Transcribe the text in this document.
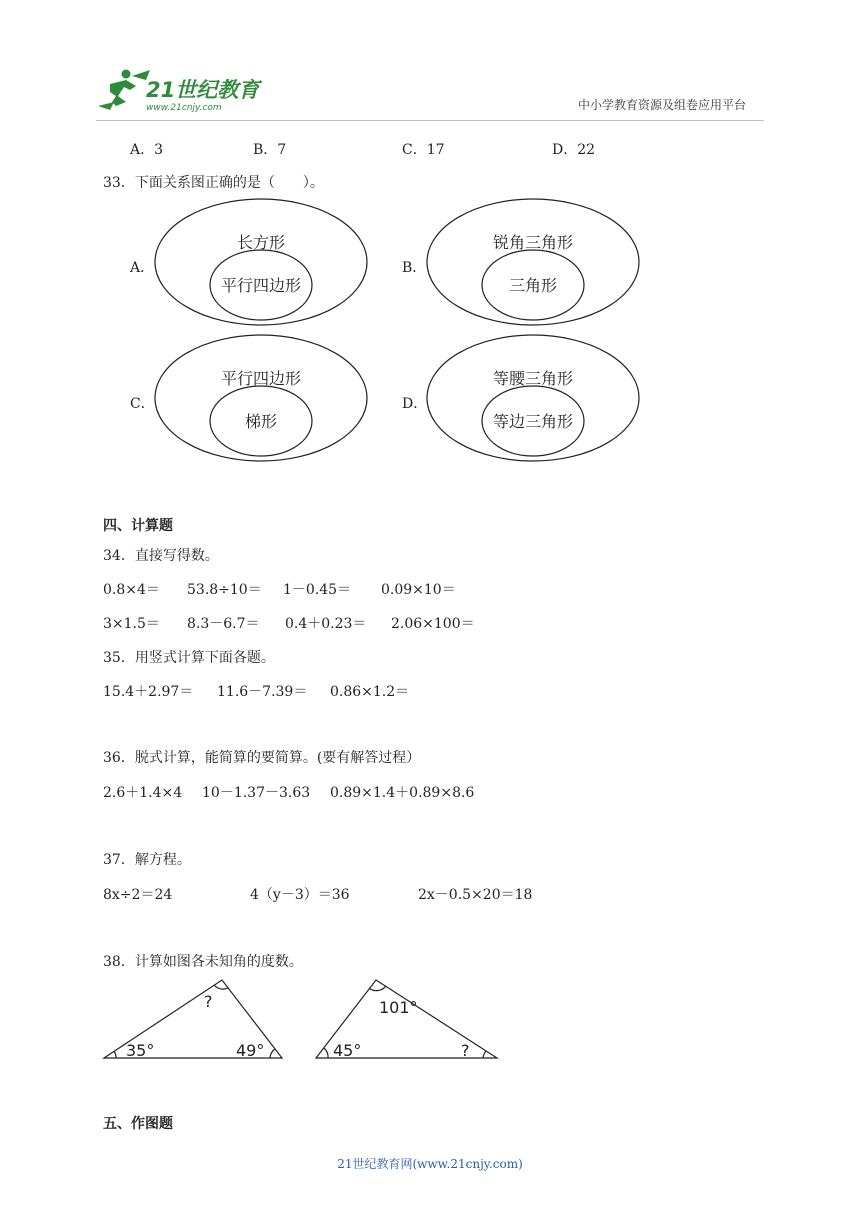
21世纪教育
www.21cnjy.com	中小学教育资源及组卷应用平台
A．3	B．7	C．17	D．22
33．下面关系图正确的是（　　）。
A．	B．
C．	D．
长方形
平行四边形
锐角三角形
三角形
平行四边形
梯形
等腰三角形
等边三角形
四、计算题
34．直接写得数。
0.8×4＝ 53.8÷10＝ 1－0.45＝ 0.09×10＝
3×1.5＝ 8.3－6.7＝ 0.4＋0.23＝ 2.06×100＝
35．用竖式计算下面各题。
15.4＋2.97＝ 11.6－7.39＝ 0.86×1.2＝
36．脱式计算，能简算的要简算。(要有解答过程）
2.6＋1.4×4 10－1.37－3.63 0.89×1.4＋0.89×8.6
37．解方程。
8x÷2＝24	4（y－3）＝36	2x－0.5×20＝18
38．计算如图各未知角的度数。
?
35°	49°
101°
45°	?
五、作图题
21世纪教育网(www.21cnjy.com)
